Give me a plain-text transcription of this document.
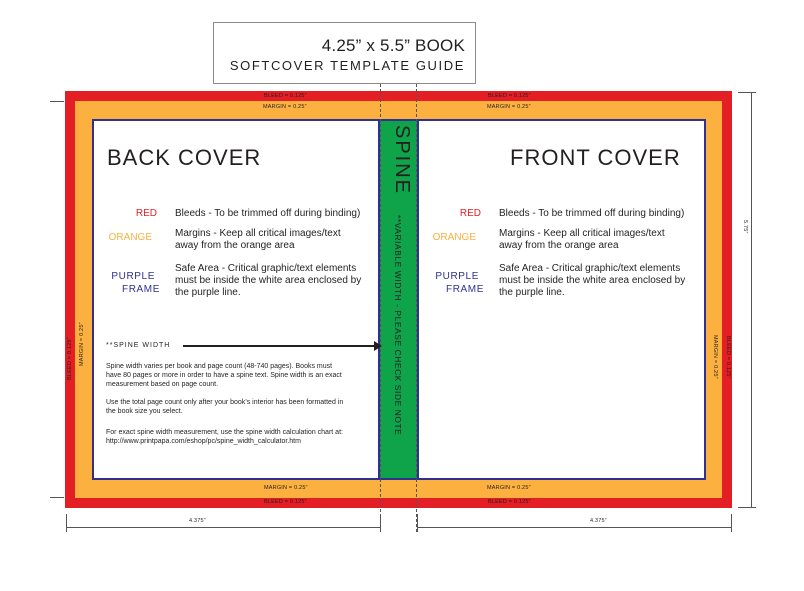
4.25” x 5.5” BOOK
SOFTCOVER TEMPLATE GUIDE
BLEED = 0.125”
MARGIN = 0.25”
BLEED = 0.125”
MARGIN = 0.25”
MARGIN = 0.25”
BLEED = 0.125”
MARGIN = 0.25”
BLEED = 0.125”
BLEED = 0.125” MARGIN = 0.25”	MARGIN = 0.25” BLEED = 0.125”
5.75”
4.375”	4.375”
BACK COVER
RED Bleeds - To be trimmed off during binding)
ORANGE Margins - Keep all critical images/text away from the orange area
PURPLE
FRAME
Safe Area - Critical graphic/text elements must be inside the white area enclosed by the purple line.
**SPINE WIDTH
Spine width varies per book and page count (48-740 pages). Books must have 80 pages or more in order to have a spine text. Spine width is an exact measurement based on page count.
Use the total page count only after your book’s interior has been formatted in the book size you select.
For exact spine width measurement, use the spine width calculation chart at: http://www.printpapa.com/eshop/pc/spine_width_calculator.htm
SPINE
**VARIABLE WIDTH - PLEASE CHECK SIDE NOTE
FRONT COVER
RED Bleeds - To be trimmed off during binding)
ORANGE Margins - Keep all critical images/text away from the orange area
PURPLE
FRAME
Safe Area - Critical graphic/text elements must be inside the white area enclosed by the purple line.
